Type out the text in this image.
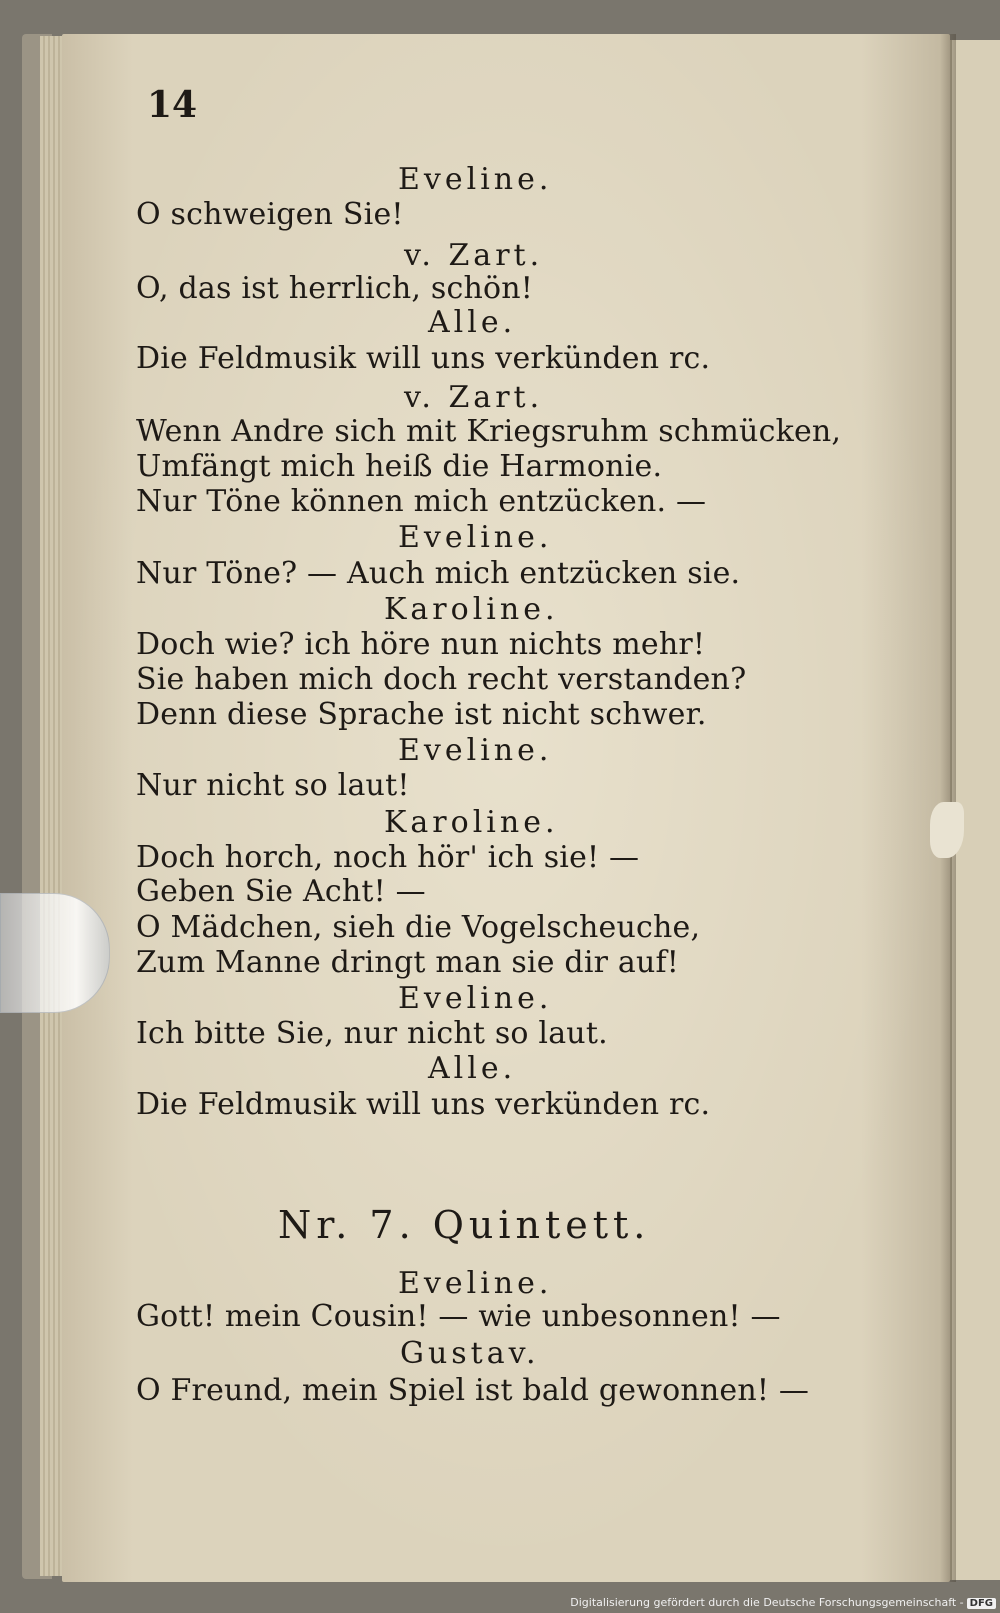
14
Eveline.
O schweigen Sie!
v. Zart.
O, das ist herrlich, schön!
Alle.
Die Feldmusik will uns verkünden rc.
v. Zart.
Wenn Andre sich mit Kriegsruhm schmücken,
Umfängt mich heiß die Harmonie.
Nur Töne können mich entzücken. —
Eveline.
Nur Töne? — Auch mich entzücken sie.
Karoline.
Doch wie? ich höre nun nichts mehr!
Sie haben mich doch recht verstanden?
Denn diese Sprache ist nicht schwer.
Eveline.
Nur nicht so laut!
Karoline.
Doch horch, noch hör' ich sie! —
Geben Sie Acht! —
O Mädchen, sieh die Vogelscheuche,
Zum Manne dringt man sie dir auf!
Eveline.
Ich bitte Sie, nur nicht so laut.
Alle.
Die Feldmusik will uns verkünden rc.
Nr. 7. Quintett.
Eveline.
Gott! mein Cousin! — wie unbesonnen! —
Gustav.
O Freund, mein Spiel ist bald gewonnen! —
Digitalisierung gefördert durch die Deutsche Forschungsgemeinschaft - DFG
